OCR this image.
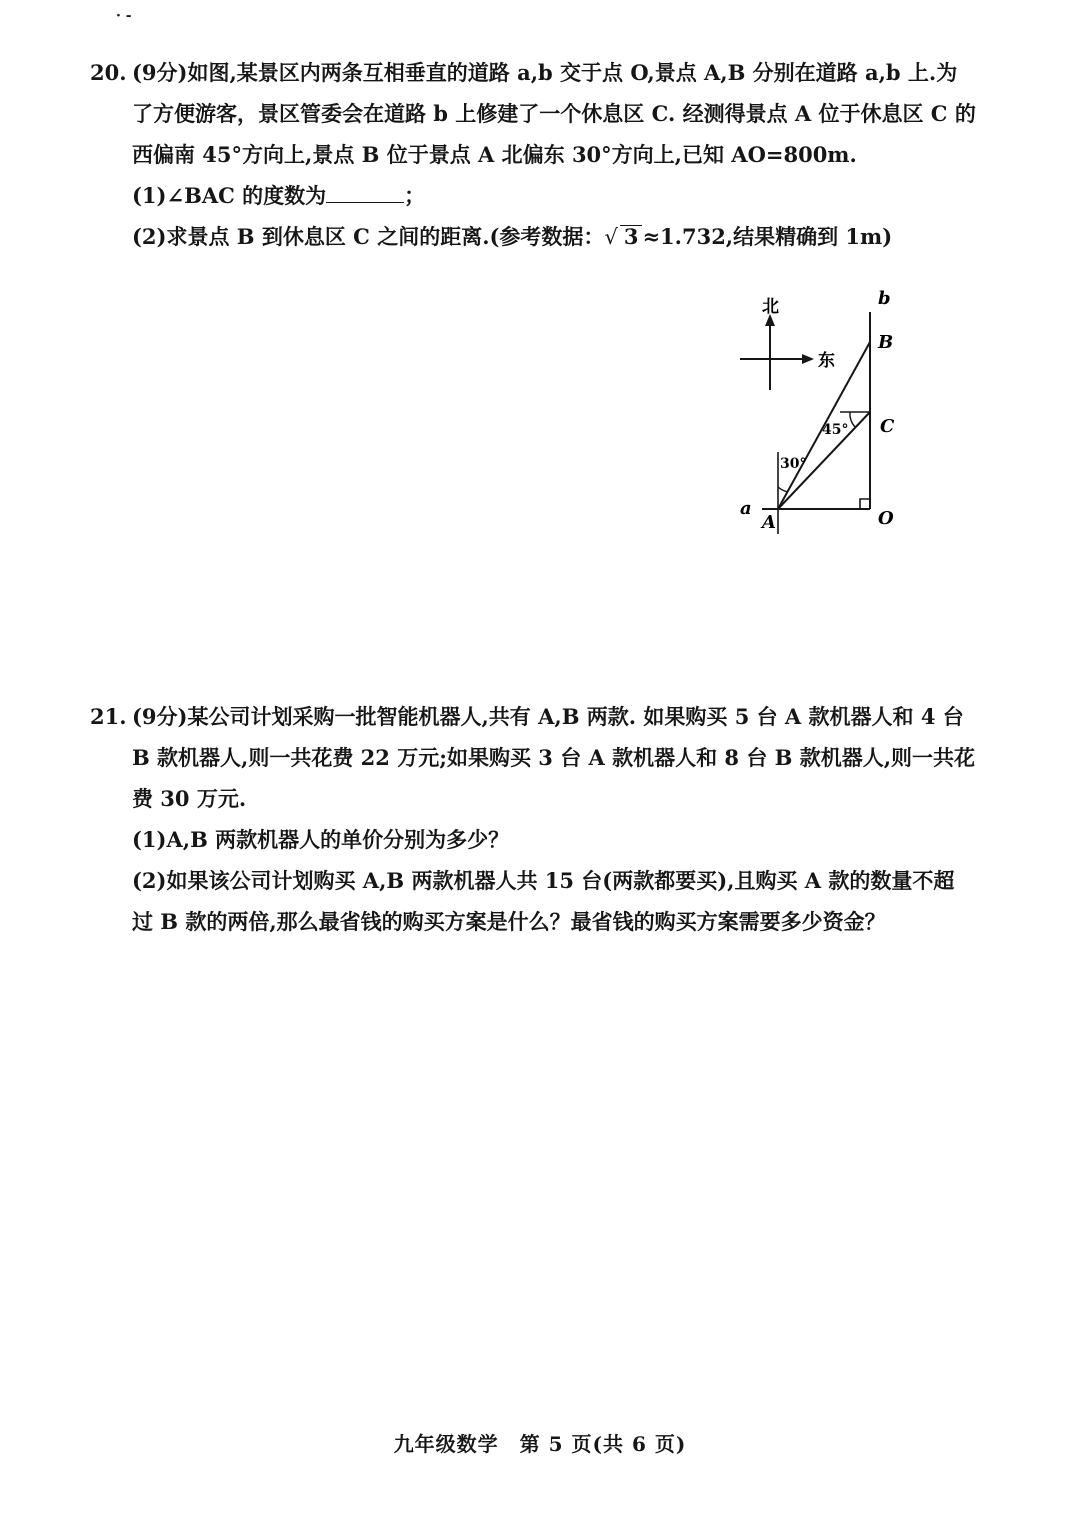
· -
20. (9分)如图,某景区内两条互相垂直的道路 a,b 交于点 O,景点 A,B 分别在道路 a,b 上.为
了方便游客，景区管委会在道路 b 上修建了一个休息区 C. 经测得景点 A 位于休息区 C 的
西偏南 45°方向上,景点 B 位于景点 A 北偏东 30°方向上,已知 AO=800m.
(1)∠BAC 的度数为	；
(2)求景点 B 到休息区 C 之间的距离.(参考数据：√ 3 ≈1.732,结果精确到 1m)
北
东
45°
30°
b
B
C
O
a
A
21. (9分)某公司计划采购一批智能机器人,共有 A,B 两款. 如果购买 5 台 A 款机器人和 4 台
B 款机器人,则一共花费 22 万元;如果购买 3 台 A 款机器人和 8 台 B 款机器人,则一共花
费 30 万元.
(1)A,B 两款机器人的单价分别为多少？
(2)如果该公司计划购买 A,B 两款机器人共 15 台(两款都要买),且购买 A 款的数量不超
过 B 款的两倍,那么最省钱的购买方案是什么？最省钱的购买方案需要多少资金？
九年级数学　第 5 页(共 6 页)
